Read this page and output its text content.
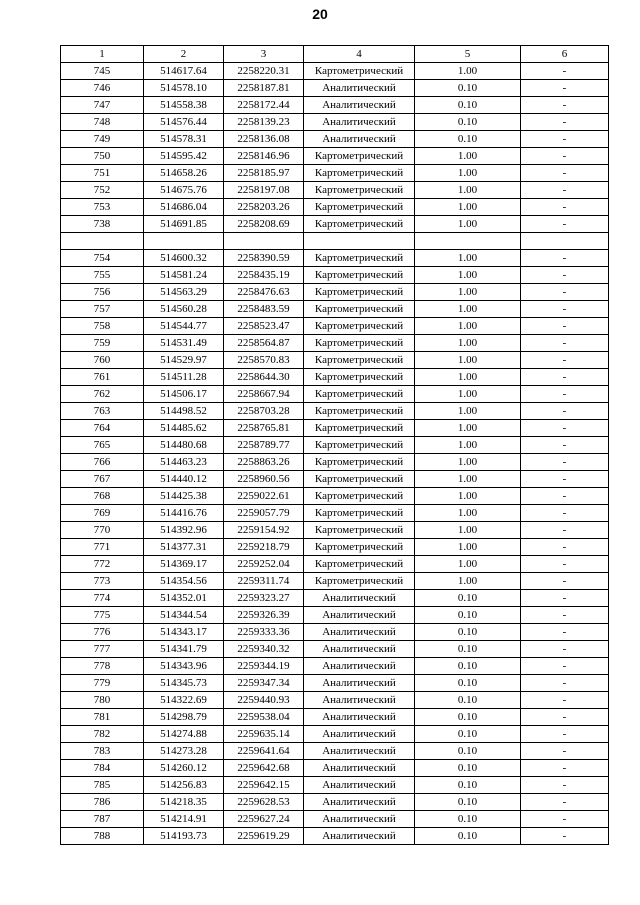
20
1	2	3	4	5	6
745	514617.64	2258220.31	Картометрический	1.00	-
746	514578.10	2258187.81	Аналитический	0.10	-
747	514558.38	2258172.44	Аналитический	0.10	-
748	514576.44	2258139.23	Аналитический	0.10	-
749	514578.31	2258136.08	Аналитический	0.10	-
750	514595.42	2258146.96	Картометрический	1.00	-
751	514658.26	2258185.97	Картометрический	1.00	-
752	514675.76	2258197.08	Картометрический	1.00	-
753	514686.04	2258203.26	Картометрический	1.00	-
738	514691.85	2258208.69	Картометрический	1.00	-

754	514600.32	2258390.59	Картометрический	1.00	-
755	514581.24	2258435.19	Картометрический	1.00	-
756	514563.29	2258476.63	Картометрический	1.00	-
757	514560.28	2258483.59	Картометрический	1.00	-
758	514544.77	2258523.47	Картометрический	1.00	-
759	514531.49	2258564.87	Картометрический	1.00	-
760	514529.97	2258570.83	Картометрический	1.00	-
761	514511.28	2258644.30	Картометрический	1.00	-
762	514506.17	2258667.94	Картометрический	1.00	-
763	514498.52	2258703.28	Картометрический	1.00	-
764	514485.62	2258765.81	Картометрический	1.00	-
765	514480.68	2258789.77	Картометрический	1.00	-
766	514463.23	2258863.26	Картометрический	1.00	-
767	514440.12	2258960.56	Картометрический	1.00	-
768	514425.38	2259022.61	Картометрический	1.00	-
769	514416.76	2259057.79	Картометрический	1.00	-
770	514392.96	2259154.92	Картометрический	1.00	-
771	514377.31	2259218.79	Картометрический	1.00	-
772	514369.17	2259252.04	Картометрический	1.00	-
773	514354.56	2259311.74	Картометрический	1.00	-
774	514352.01	2259323.27	Аналитический	0.10	-
775	514344.54	2259326.39	Аналитический	0.10	-
776	514343.17	2259333.36	Аналитический	0.10	-
777	514341.79	2259340.32	Аналитический	0.10	-
778	514343.96	2259344.19	Аналитический	0.10	-
779	514345.73	2259347.34	Аналитический	0.10	-
780	514322.69	2259440.93	Аналитический	0.10	-
781	514298.79	2259538.04	Аналитический	0.10	-
782	514274.88	2259635.14	Аналитический	0.10	-
783	514273.28	2259641.64	Аналитический	0.10	-
784	514260.12	2259642.68	Аналитический	0.10	-
785	514256.83	2259642.15	Аналитический	0.10	-
786	514218.35	2259628.53	Аналитический	0.10	-
787	514214.91	2259627.24	Аналитический	0.10	-
788	514193.73	2259619.29	Аналитический	0.10	-
